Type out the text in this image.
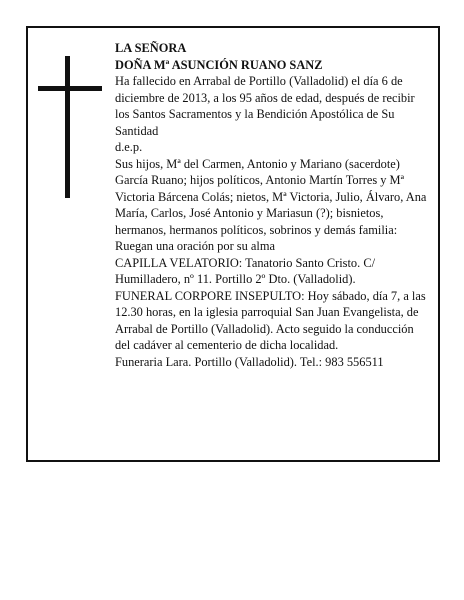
LA SEÑORA

DOÑA Mª ASUNCIÓN RUANO SANZ

Ha fallecido en Arrabal de Portillo (Valladolid) el día 6 de diciembre de 2013, a los 95 años de edad, después de recibir los Santos Sacramentos y la Bendición Apostólica de Su Santidad

d.e.p.

Sus hijos, Mª del Carmen, Antonio y Mariano (sacerdote) García Ruano; hijos políticos, Antonio Martín Torres y Mª Victoria Bárcena Colás; nietos, Mª Victoria, Julio, Álvaro, Ana María, Carlos, José Antonio y Mariasun (?); bisnietos, hermanos, hermanos políticos, sobrinos y demás familia:

Ruegan una oración por su alma

CAPILLA VELATORIO: Tanatorio Santo Cristo. C/ Humilladero, nº 11. Portillo 2º Dto. (Valladolid).

FUNERAL CORPORE INSEPULTO: Hoy sábado, día 7, a las 12.30 horas, en la iglesia parroquial San Juan Evangelista, de Arrabal de Portillo (Valladolid). Acto seguido la conducción del cadáver al cementerio de dicha localidad.

Funeraria Lara. Portillo (Valladolid). Tel.: 983 556511
